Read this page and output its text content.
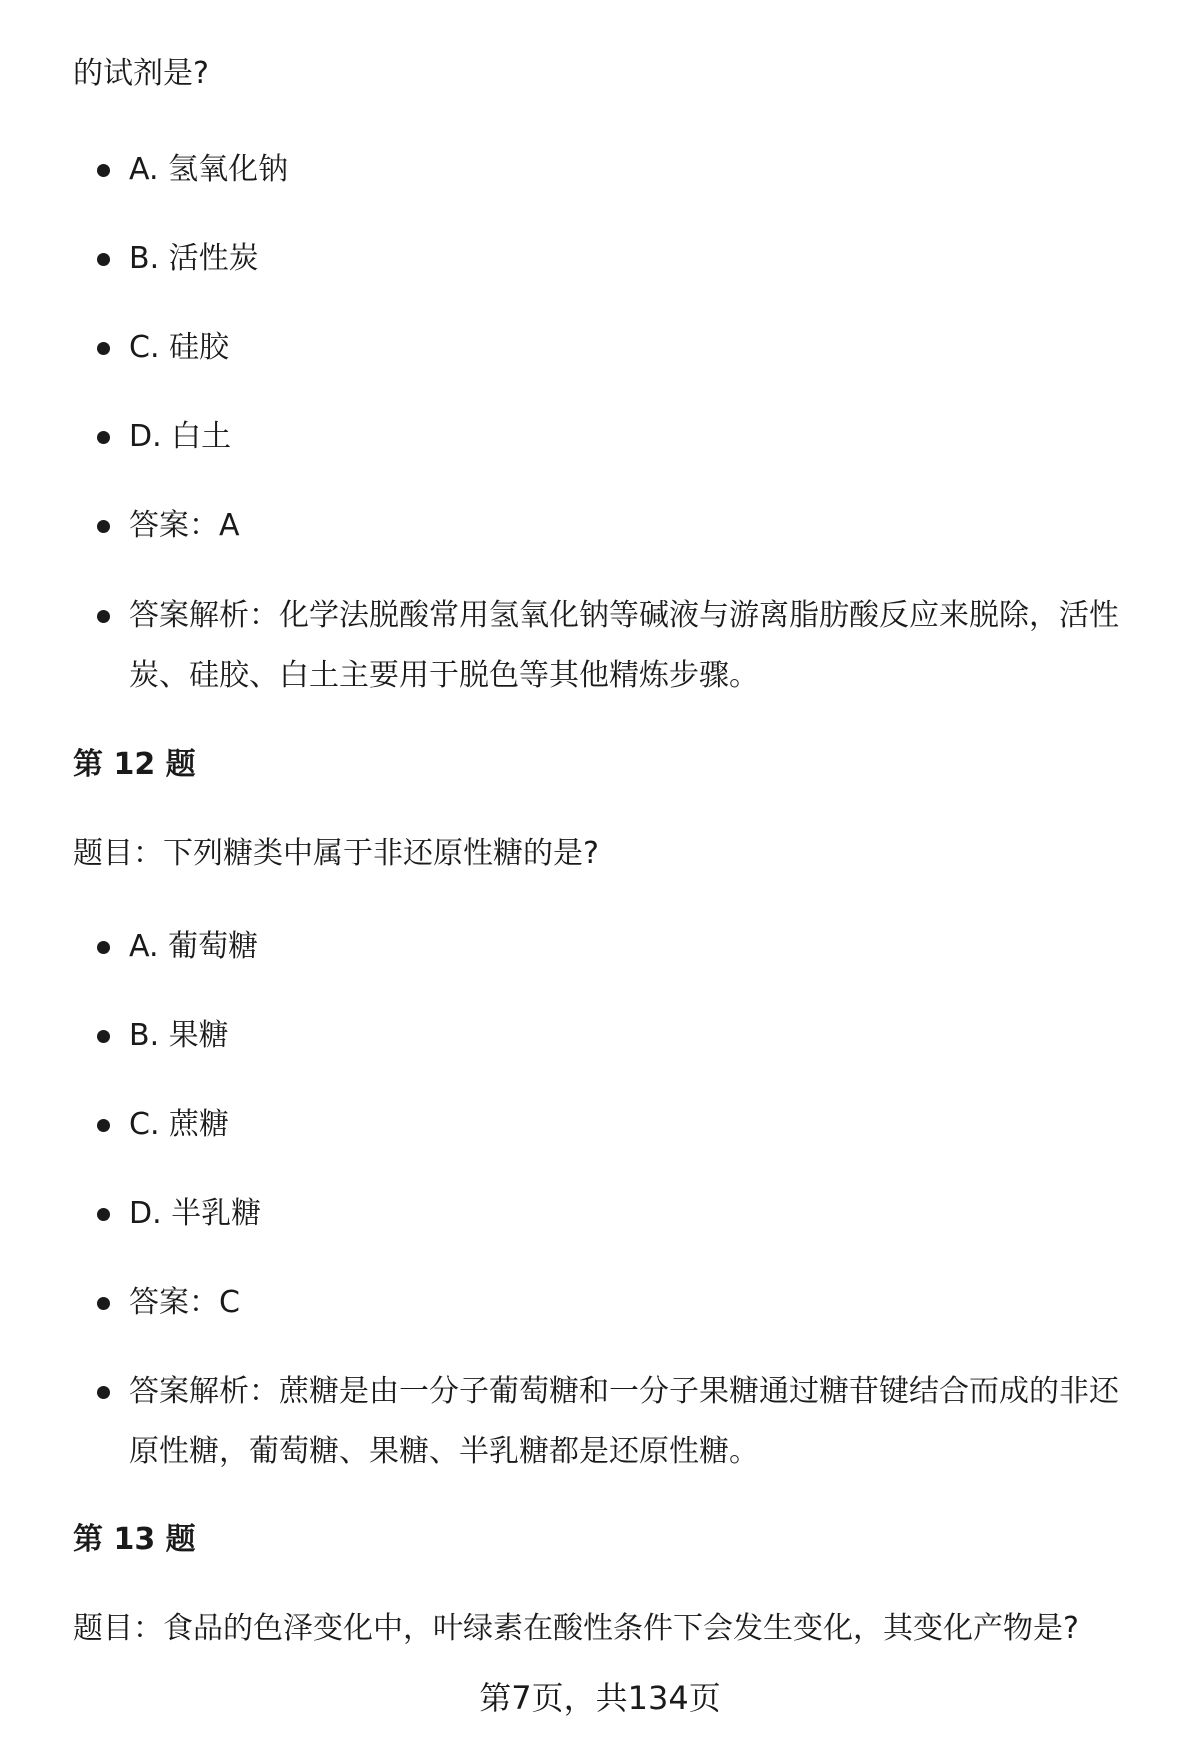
的试剂是?
A. 氢氧化钠
B. 活性炭
C. 硅胶
D. 白土
答案：A
答案解析：化学法脱酸常用氢氧化钠等碱液与游离脂肪酸反应来脱除，活性炭、硅胶、白土主要用于脱色等其他精炼步骤。
第 12 题
题目：下列糖类中属于非还原性糖的是?
A. 葡萄糖
B. 果糖
C. 蔗糖
D. 半乳糖
答案：C
答案解析：蔗糖是由一分子葡萄糖和一分子果糖通过糖苷键结合而成的非还原性糖，葡萄糖、果糖、半乳糖都是还原性糖。
第 13 题
题目：食品的色泽变化中，叶绿素在酸性条件下会发生变化，其变化产物是?
第7页，共134页
